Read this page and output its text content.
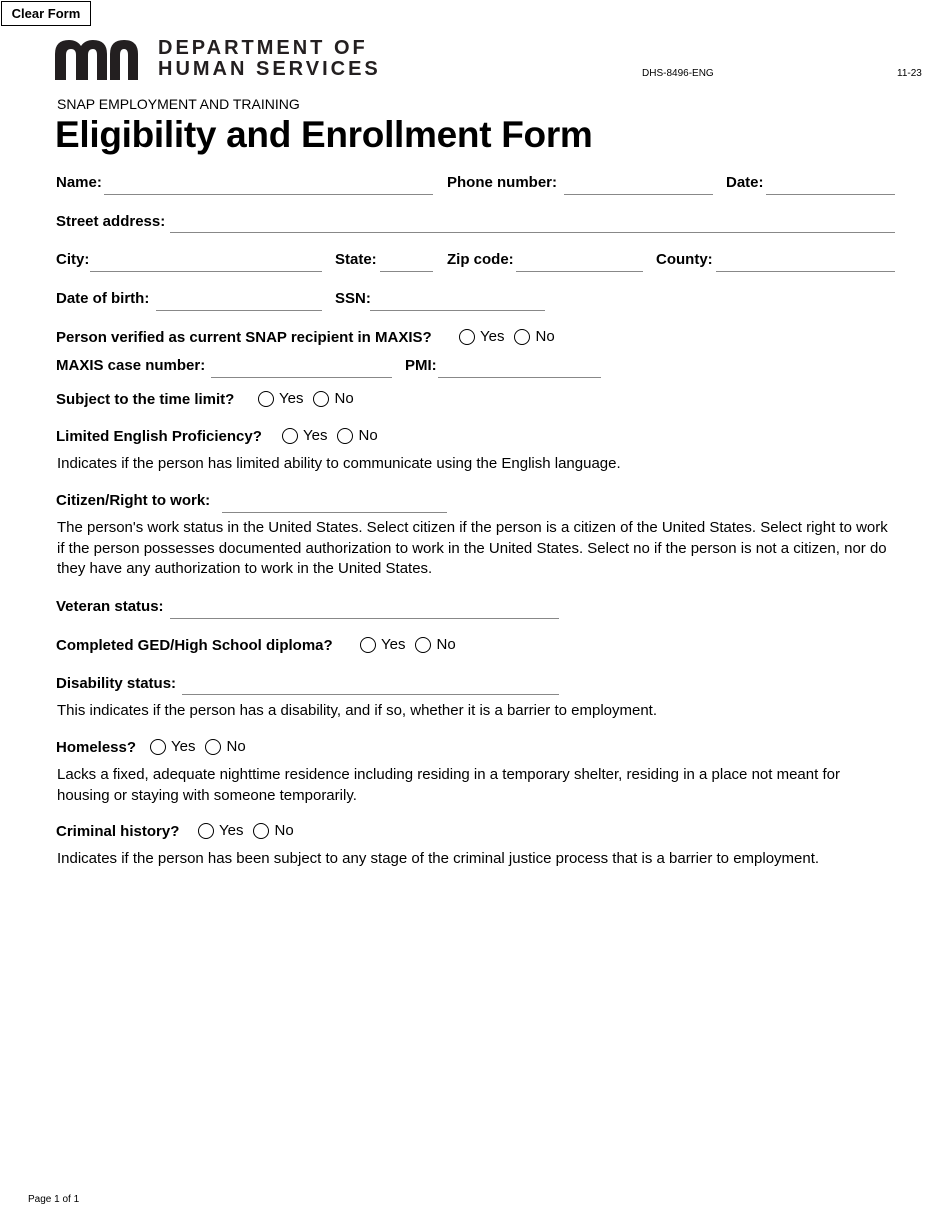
Clear Form
DEPARTMENT OF
HUMAN SERVICES	DHS-8496-ENG	11-23
SNAP EMPLOYMENT AND TRAINING
Eligibility and Enrollment Form
Name:	Phone number:	Date:
Street address:
City:	State:	Zip code:	County:
Date of birth:	SSN:
Person verified as current SNAP recipient in MAXIS?	Yes No
MAXIS case number:	PMI:
Subject to the time limit?	Yes No
Limited English Proficiency?	Yes No
Indicates if the person has limited ability to communicate using the English language.
Citizen/Right to work:
The person's work status in the United States. Select citizen if the person is a citizen of the United States. Select right to work if the person possesses documented authorization to work in the United States. Select no if the person is not a citizen, nor do they have any authorization to work in the United States.
Veteran status:
Completed GED/High School diploma?	Yes No
Disability status:
This indicates if the person has a disability, and if so, whether it is a barrier to employment.
Homeless? Yes No
Lacks a fixed, adequate nighttime residence including residing in a temporary shelter, residing in a place not meant for housing or staying with someone temporarily.
Criminal history?	Yes No
Indicates if the person has been subject to any stage of the criminal justice process that is a barrier to employment.
Page 1 of 1
